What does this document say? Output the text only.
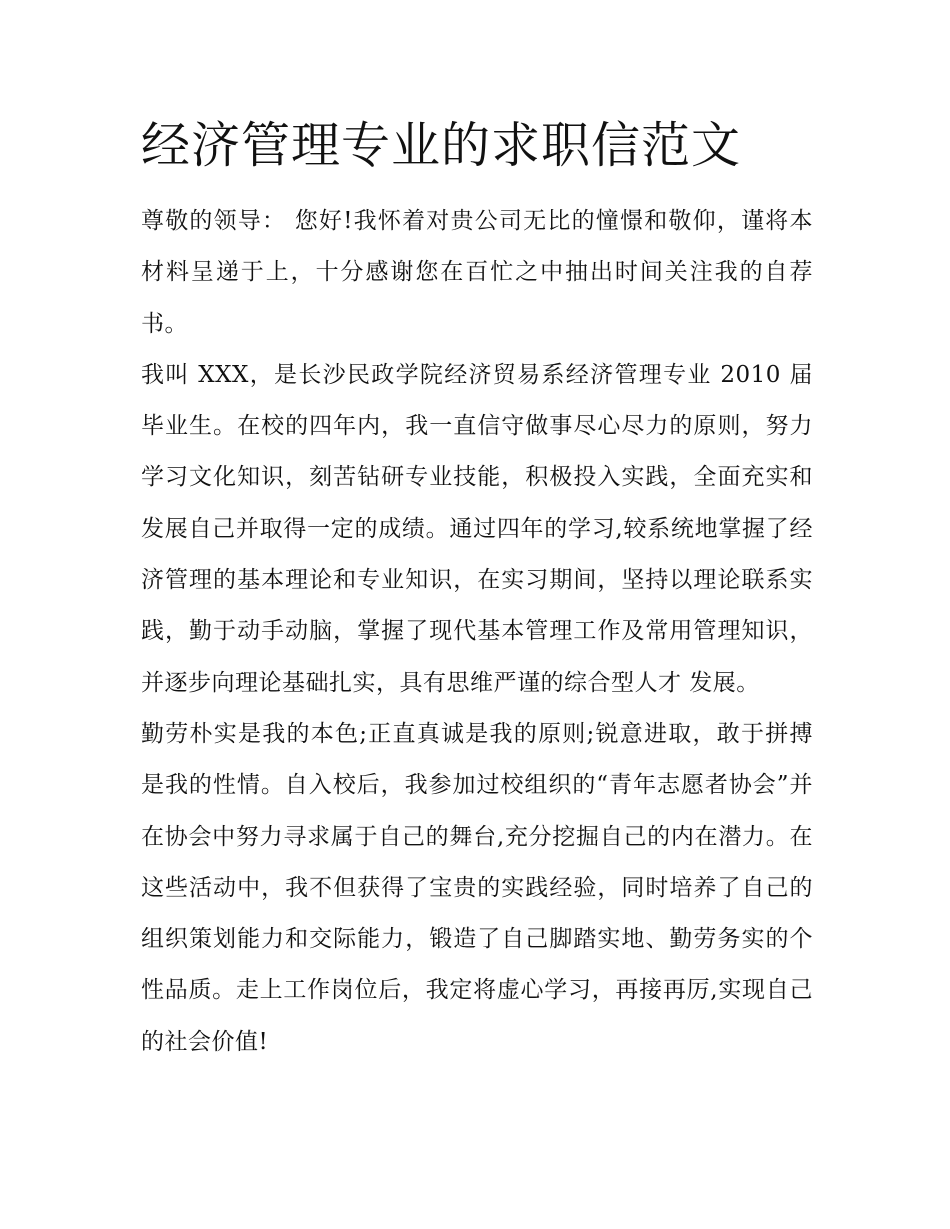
经济管理专业的求职信范文

尊敬的领导： 您好!我怀着对贵公司无比的憧憬和敬仰，谨将本材料呈递于上，十分感谢您在百忙之中抽出时间关注我的自荐书。

我叫 XXX，是长沙民政学院经济贸易系经济管理专业 2010 届毕业生。在校的四年内，我一直信守做事尽心尽力的原则，努力学习文化知识，刻苦钻研专业技能，积极投入实践，全面充实和发展自己并取得一定的成绩。通过四年的学习,较系统地掌握了经济管理的基本理论和专业知识，在实习期间，坚持以理论联系实践，勤于动手动脑，掌握了现代基本管理工作及常用管理知识，并逐步向理论基础扎实，具有思维严谨的综合型人才 发展。

勤劳朴实是我的本色;正直真诚是我的原则;锐意进取，敢于拼搏是我的性情。自入校后，我参加过校组织的“青年志愿者协会”并在协会中努力寻求属于自己的舞台,充分挖掘自己的内在潜力。在这些活动中，我不但获得了宝贵的实践经验，同时培养了自己的组织策划能力和交际能力，锻造了自己脚踏实地、勤劳务实的个性品质。走上工作岗位后，我定将虚心学习，再接再厉,实现自己的社会价值!
